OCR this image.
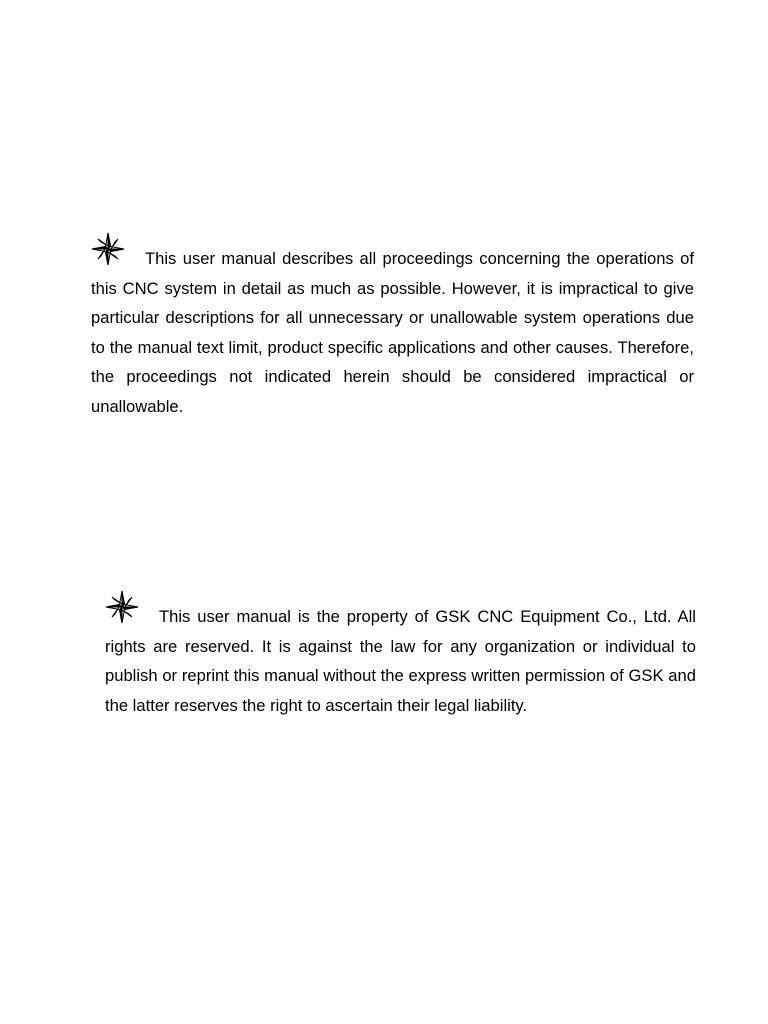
This user manual describes all proceedings concerning the operations of this CNC system in detail as much as possible. However, it is impractical to give particular descriptions for all unnecessary or unallowable system operations due to the manual text limit, product specific applications and other causes. Therefore, the proceedings not indicated herein should be considered impractical or unallowable.

This user manual is the property of GSK CNC Equipment Co., Ltd. All rights are reserved. It is against the law for any organization or individual to publish or reprint this manual without the express written permission of GSK and the latter reserves the right to ascertain their legal liability.
